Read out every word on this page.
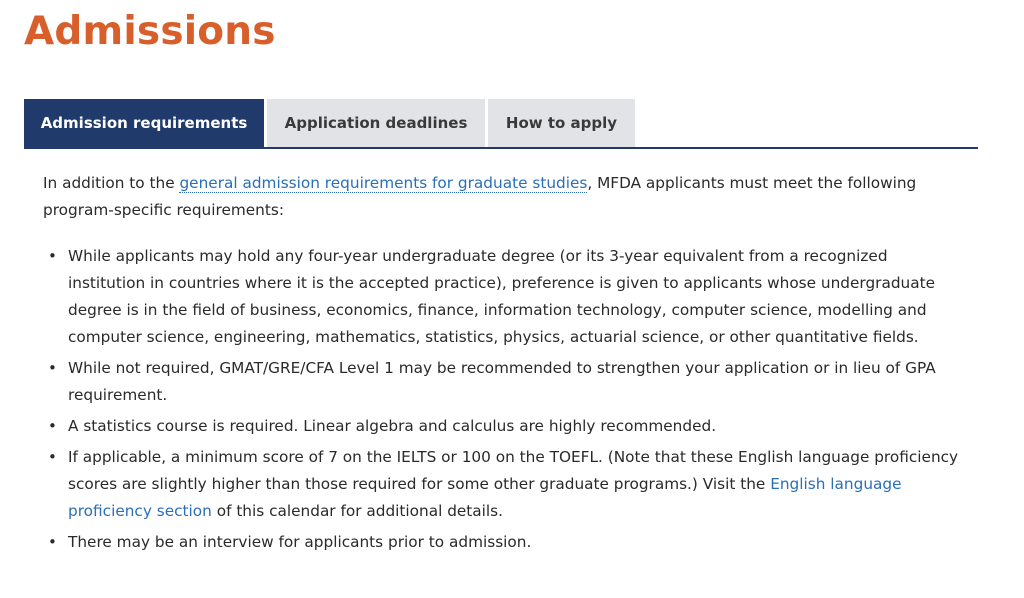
Admissions
Admission requirements	Application deadlines	How to apply

In addition to the general admission requirements for graduate studies, MFDA applicants must meet the following program-specific requirements:

• While applicants may hold any four-year undergraduate degree (or its 3-year equivalent from a recognized institution in countries where it is the accepted practice), preference is given to applicants whose undergraduate degree is in the field of business, economics, finance, information technology, computer science, modelling and computer science, engineering, mathematics, statistics, physics, actuarial science, or other quantitative fields.
• While not required, GMAT/GRE/CFA Level 1 may be recommended to strengthen your application or in lieu of GPA requirement.
• A statistics course is required. Linear algebra and calculus are highly recommended.
• If applicable, a minimum score of 7 on the IELTS or 100 on the TOEFL. (Note that these English language proficiency scores are slightly higher than those required for some other graduate programs.) Visit the English language proficiency section of this calendar for additional details.
• There may be an interview for applicants prior to admission.
